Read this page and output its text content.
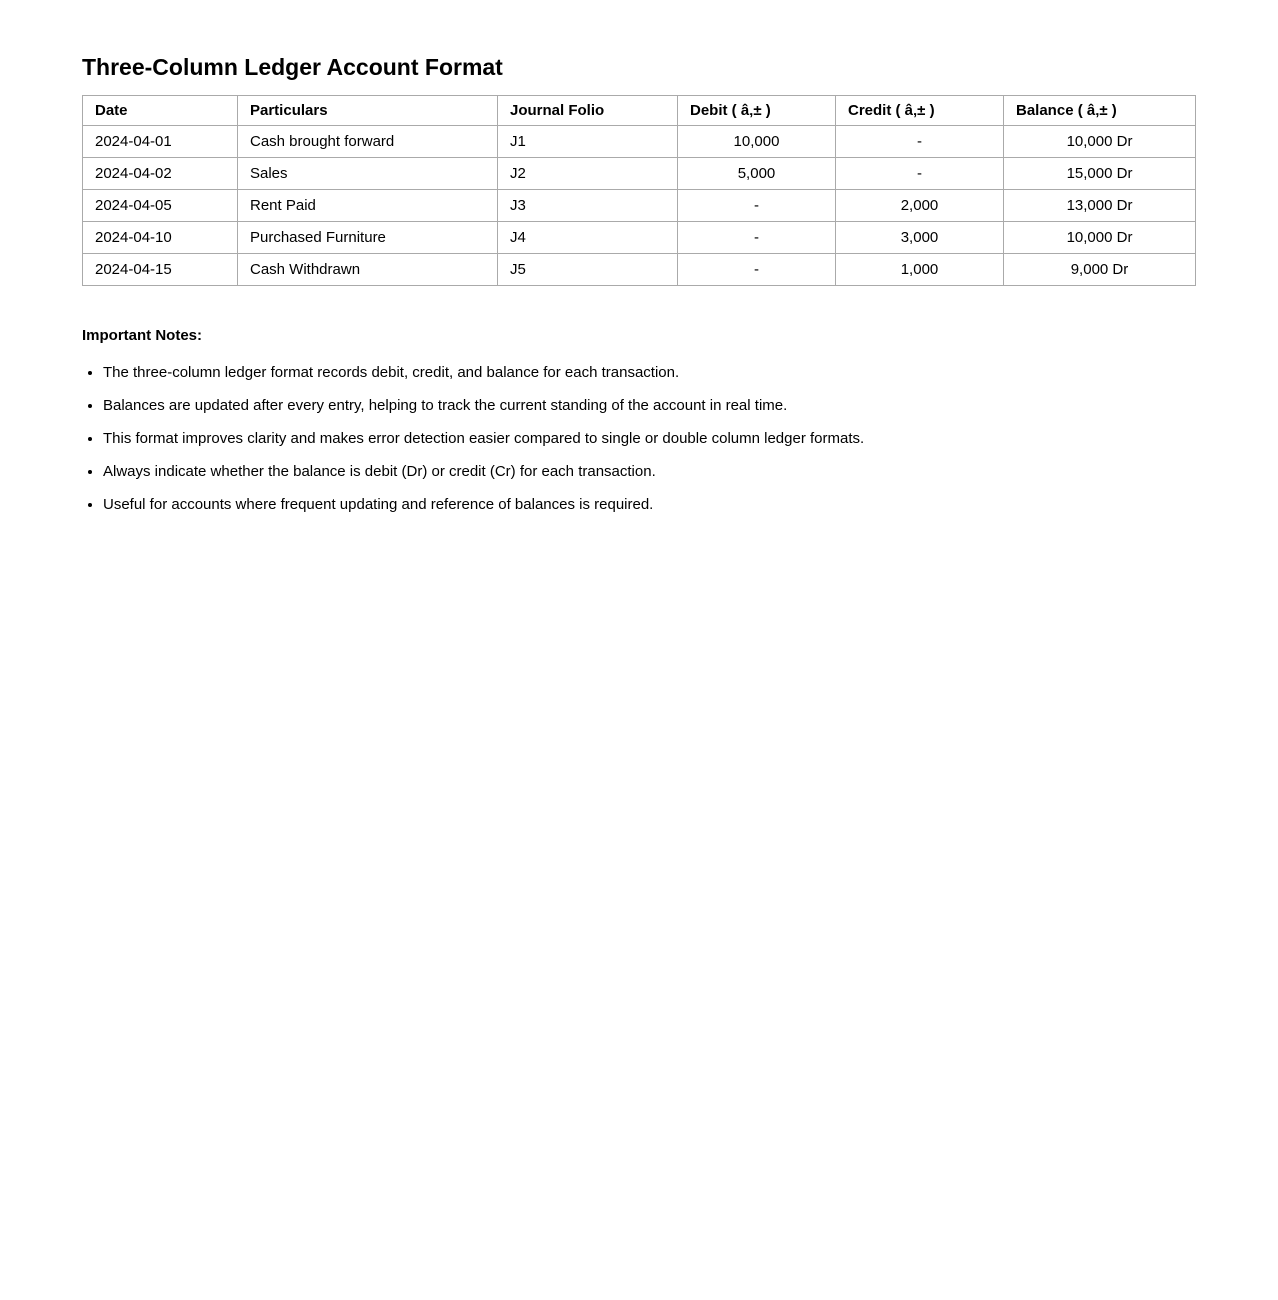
Three-Column Ledger Account Format
Date	Particulars	Journal Folio	Debit ( â‚± )	Credit ( â‚± )	Balance ( â‚± )
2024-04-01	Cash brought forward	J1	10,000	-	10,000 Dr
2024-04-02	Sales	J2	5,000	-	15,000 Dr
2024-04-05	Rent Paid	J3	-	2,000	13,000 Dr
2024-04-10	Purchased Furniture	J4	-	3,000	10,000 Dr
2024-04-15	Cash Withdrawn	J5	-	1,000	9,000 Dr

Important Notes:

• The three-column ledger format records debit, credit, and balance for each transaction.
• Balances are updated after every entry, helping to track the current standing of the account in real time.
• This format improves clarity and makes error detection easier compared to single or double column ledger formats.
• Always indicate whether the balance is debit (Dr) or credit (Cr) for each transaction.
• Useful for accounts where frequent updating and reference of balances is required.
